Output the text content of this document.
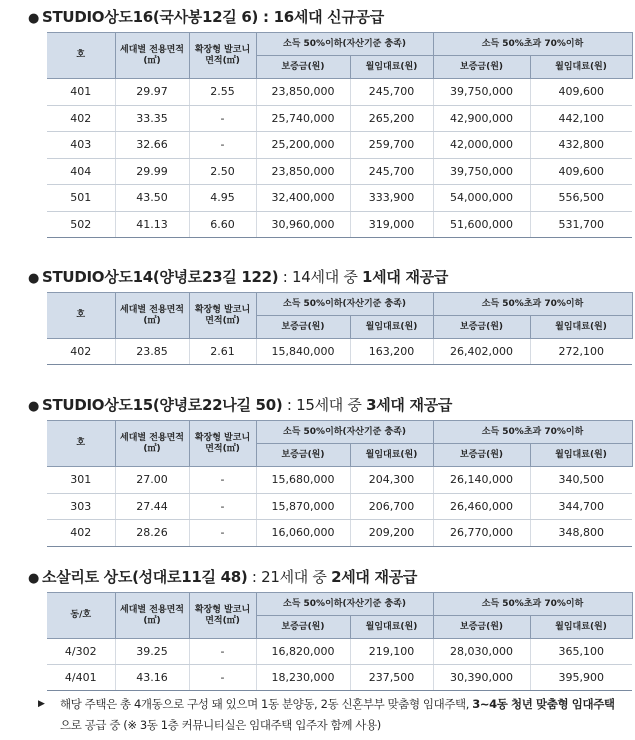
● STUDIO상도16(국사봉12길 6) : 16세대 신규공급
호	세대별 전용면적 (㎡)	확장형 발코니 면적(㎡)	소득 50%이하(자산기준 충족)		소득 50%초과 70%이하	
			보증금(원)	월임대료(원)	보증금(원)	월임대료(원)
401	29.97	2.55	23,850,000	245,700	39,750,000	409,600
402	33.35	-	25,740,000	265,200	42,900,000	442,100
403	32.66	-	25,200,000	259,700	42,000,000	432,800
404	29.99	2.50	23,850,000	245,700	39,750,000	409,600
501	43.50	4.95	32,400,000	333,900	54,000,000	556,500
502	41.13	6.60	30,960,000	319,000	51,600,000	531,700
● STUDIO상도14(양녕로23길 122) : 14세대 중 1세대 재공급
호	세대별 전용면적 (㎡)	확장형 발코니 면적(㎡)	소득 50%이하(자산기준 충족)		소득 50%초과 70%이하	
			보증금(원)	월임대료(원)	보증금(원)	월임대료(원)
402	23.85	2.61	15,840,000	163,200	26,402,000	272,100
● STUDIO상도15(양녕로22나길 50) : 15세대 중 3세대 재공급
호	세대별 전용면적 (㎡)	확장형 발코니 면적(㎡)	소득 50%이하(자산기준 충족)		소득 50%초과 70%이하	
			보증금(원)	월임대료(원)	보증금(원)	월임대료(원)
301	27.00	-	15,680,000	204,300	26,140,000	340,500
303	27.44	-	15,870,000	206,700	26,460,000	344,700
402	28.26	-	16,060,000	209,200	26,770,000	348,800
● 소살리토 상도(성대로11길 48) : 21세대 중 2세대 재공급
동/호	세대별 전용면적 (㎡)	확장형 발코니 면적(㎡)	소득 50%이하(자산기준 충족)		소득 50%초과 70%이하	
			보증금(원)	월임대료(원)	보증금(원)	월임대료(원)
4/302	39.25	-	16,820,000	219,100	28,030,000	365,100
4/401	43.16	-	18,230,000	237,500	30,390,000	395,900
▶ 해당 주택은 총 4개동으로 구성 돼 있으며 1동 분양동, 2동 신혼부부 맞춤형 임대주택, 3~4동 청년 맞춤형 임대주택으로 공급 중 (※ 3동 1층 커뮤니티실은 임대주택 입주자 함께 사용)
